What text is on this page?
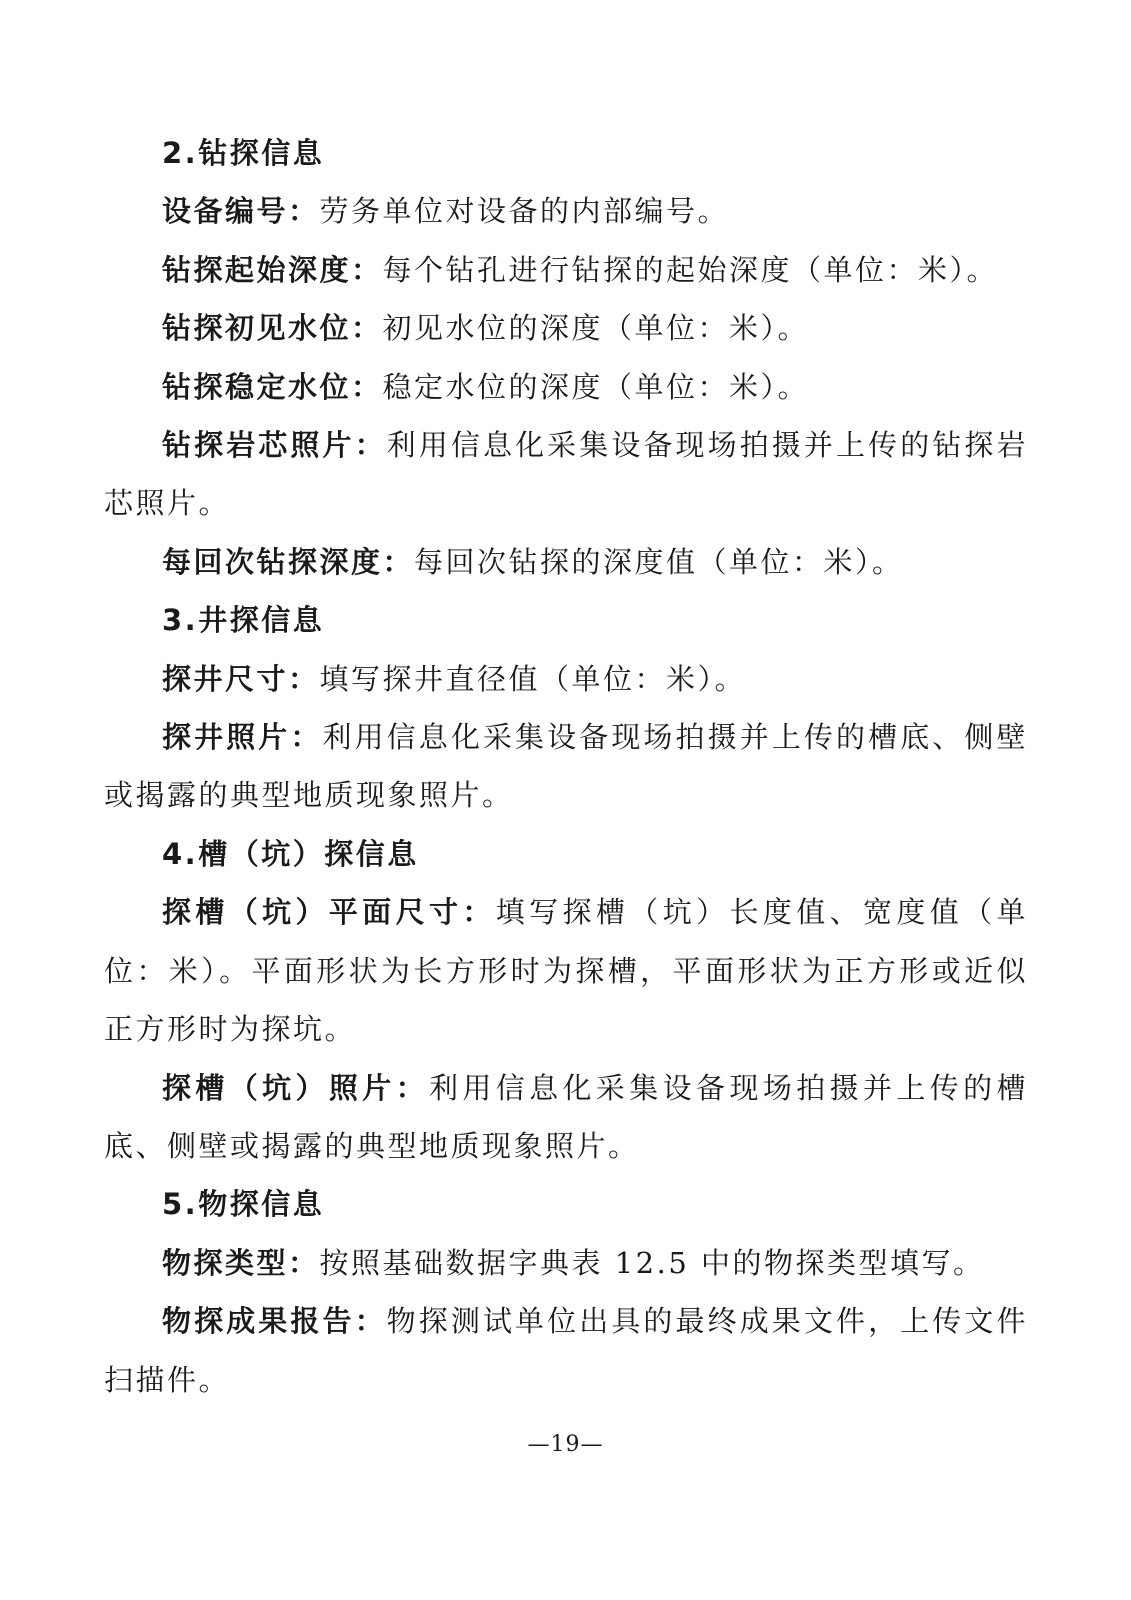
2.钻探信息

设备编号：劳务单位对设备的内部编号。

钻探起始深度：每个钻孔进行钻探的起始深度（单位：米）。

钻探初见水位：初见水位的深度（单位：米）。

钻探稳定水位：稳定水位的深度（单位：米）。

钻探岩芯照片：利用信息化采集设备现场拍摄并上传的钻探岩芯照片。

每回次钻探深度：每回次钻探的深度值（单位：米）。

3.井探信息

探井尺寸：填写探井直径值（单位：米）。

探井照片：利用信息化采集设备现场拍摄并上传的槽底、侧壁或揭露的典型地质现象照片。

4.槽（坑）探信息

探槽（坑）平面尺寸：填写探槽（坑）长度值、宽度值（单位：米）。平面形状为长方形时为探槽，平面形状为正方形或近似正方形时为探坑。

探槽（坑）照片：利用信息化采集设备现场拍摄并上传的槽底、侧壁或揭露的典型地质现象照片。

5.物探信息

物探类型：按照基础数据字典表 12.5 中的物探类型填写。

物探成果报告：物探测试单位出具的最终成果文件，上传文件扫描件。

—19—
